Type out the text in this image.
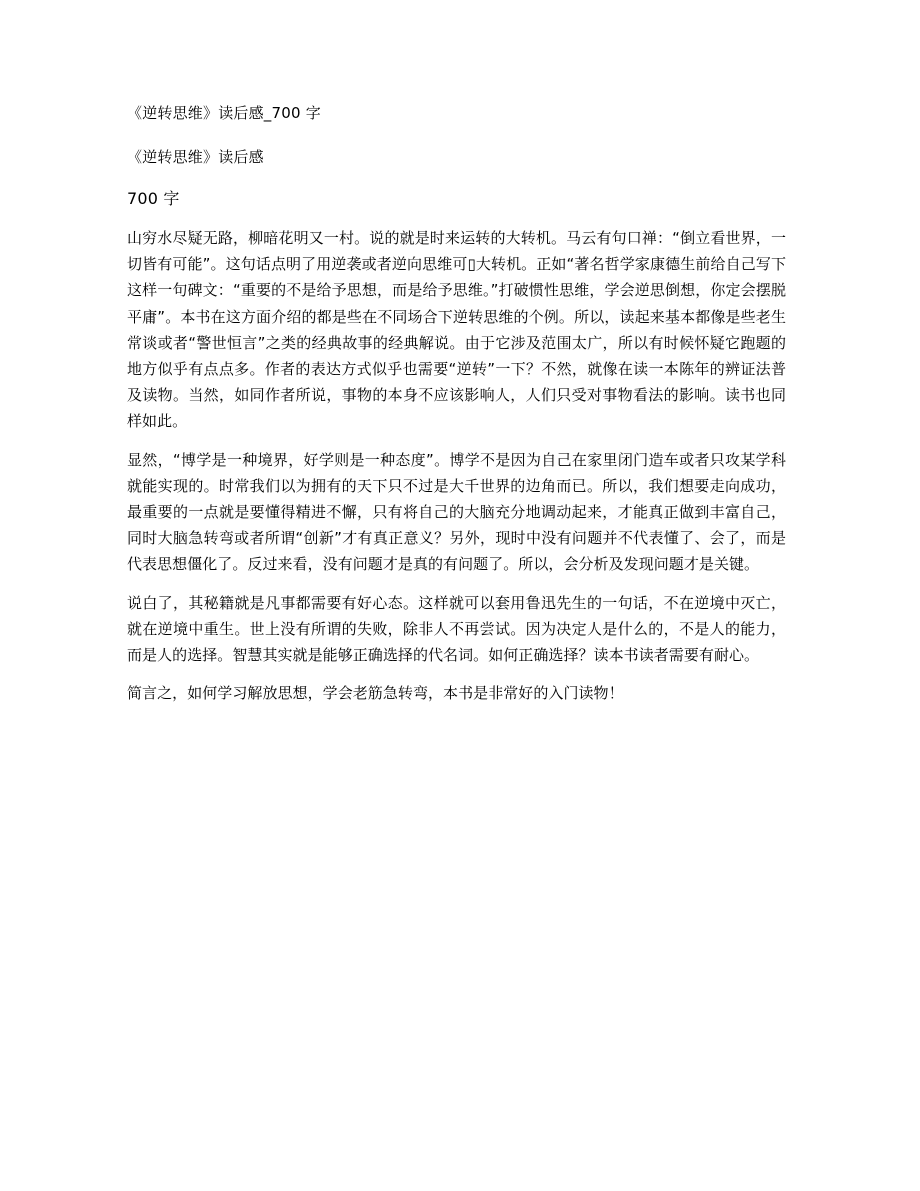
《逆转思维》读后感_700 字

《逆转思维》读后感

700 字

山穷水尽疑无路，柳暗花明又一村。说的就是时来运转的大转机。马云有句口禅：“倒立看世界，一切皆有可能”。这句话点明了用逆袭或者逆向思维可▯大转机。正如“著名哲学家康德生前给自己写下这样一句碑文：“重要的不是给予思想，而是给予思维。”打破惯性思维，学会逆思倒想，你定会摆脱平庸”。本书在这方面介绍的都是些在不同场合下逆转思维的个例。所以，读起来基本都像是些老生常谈或者“警世恒言”之类的经典故事的经典解说。由于它涉及范围太广，所以有时候怀疑它跑题的地方似乎有点点多。作者的表达方式似乎也需要“逆转”一下？不然，就像在读一本陈年的辨证法普及读物。当然，如同作者所说，事物的本身不应该影响人，人们只受对事物看法的影响。读书也同样如此。

显然，“博学是一种境界，好学则是一种态度”。博学不是因为自己在家里闭门造车或者只攻某学科就能实现的。时常我们以为拥有的天下只不过是大千世界的边角而已。所以，我们想要走向成功，最重要的一点就是要懂得精进不懈，只有将自己的大脑充分地调动起来，才能真正做到丰富自己，同时大脑急转弯或者所谓“创新”才有真正意义？另外，现时中没有问题并不代表懂了、会了，而是代表思想僵化了。反过来看，没有问题才是真的有问题了。所以，会分析及发现问题才是关键。

说白了，其秘籍就是凡事都需要有好心态。这样就可以套用鲁迅先生的一句话，不在逆境中灭亡，就在逆境中重生。世上没有所谓的失败，除非人不再尝试。因为决定人是什么的，不是人的能力，而是人的选择。智慧其实就是能够正确选择的代名词。如何正确选择？读本书读者需要有耐心。

简言之，如何学习解放思想，学会老筋急转弯，本书是非常好的入门读物！
